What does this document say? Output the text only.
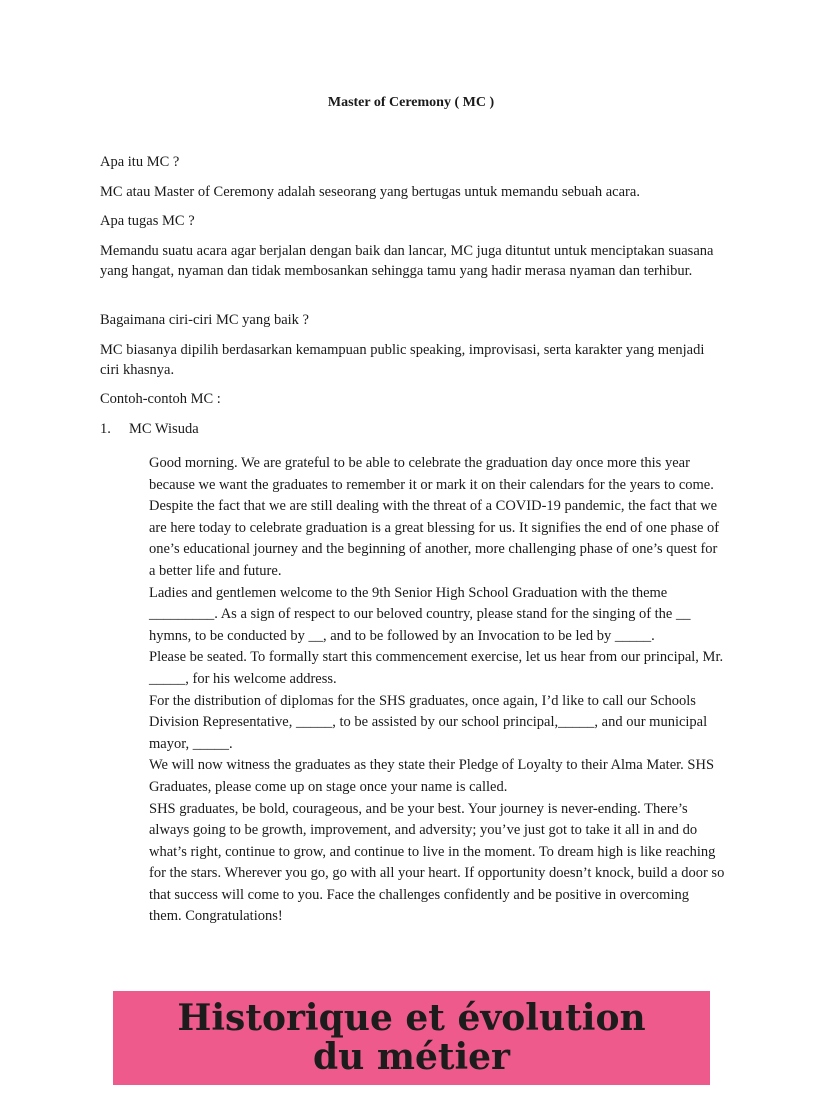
Master of Ceremony ( MC )

Apa itu MC ?

MC atau Master of Ceremony adalah seseorang yang bertugas untuk memandu sebuah acara.

Apa tugas MC ?

Memandu suatu acara agar berjalan dengan baik dan lancar, MC juga dituntut untuk menciptakan suasana yang hangat, nyaman dan tidak membosankan sehingga tamu yang hadir merasa nyaman dan terhibur.

Bagaimana ciri-ciri MC yang baik ?

MC biasanya dipilih berdasarkan kemampuan public speaking, improvisasi, serta karakter yang menjadi ciri khasnya.

Contoh-contoh MC :

1. MC Wisuda

Good morning. We are grateful to be able to celebrate the graduation day once more this year because we want the graduates to remember it or mark it on their calendars for the years to come.

Despite the fact that we are still dealing with the threat of a COVID-19 pandemic, the fact that we are here today to celebrate graduation is a great blessing for us. It signifies the end of one phase of one’s educational journey and the beginning of another, more challenging phase of one’s quest for a better life and future.

Ladies and gentlemen welcome to the 9th Senior High School Graduation with the theme _________. As a sign of respect to our beloved country, please stand for the singing of the __ hymns, to be conducted by __, and to be followed by an Invocation to be led by _____.

Please be seated. To formally start this commencement exercise, let us hear from our principal, Mr. _____, for his welcome address.

For the distribution of diplomas for the SHS graduates, once again, I’d like to call our Schools Division Representative, _____, to be assisted by our school principal,_____, and our municipal mayor, _____.

We will now witness the graduates as they state their Pledge of Loyalty to their Alma Mater. SHS Graduates, please come up on stage once your name is called.

SHS graduates, be bold, courageous, and be your best. Your journey is never-ending. There’s always going to be growth, improvement, and adversity; you’ve just got to take it all in and do what’s right, continue to grow, and continue to live in the moment. To dream high is like reaching for the stars. Wherever you go, go with all your heart. If opportunity doesn’t knock, build a door so that success will come to you. Face the challenges confidently and be positive in overcoming them. Congratulations!

Historique et évolution
du métier
